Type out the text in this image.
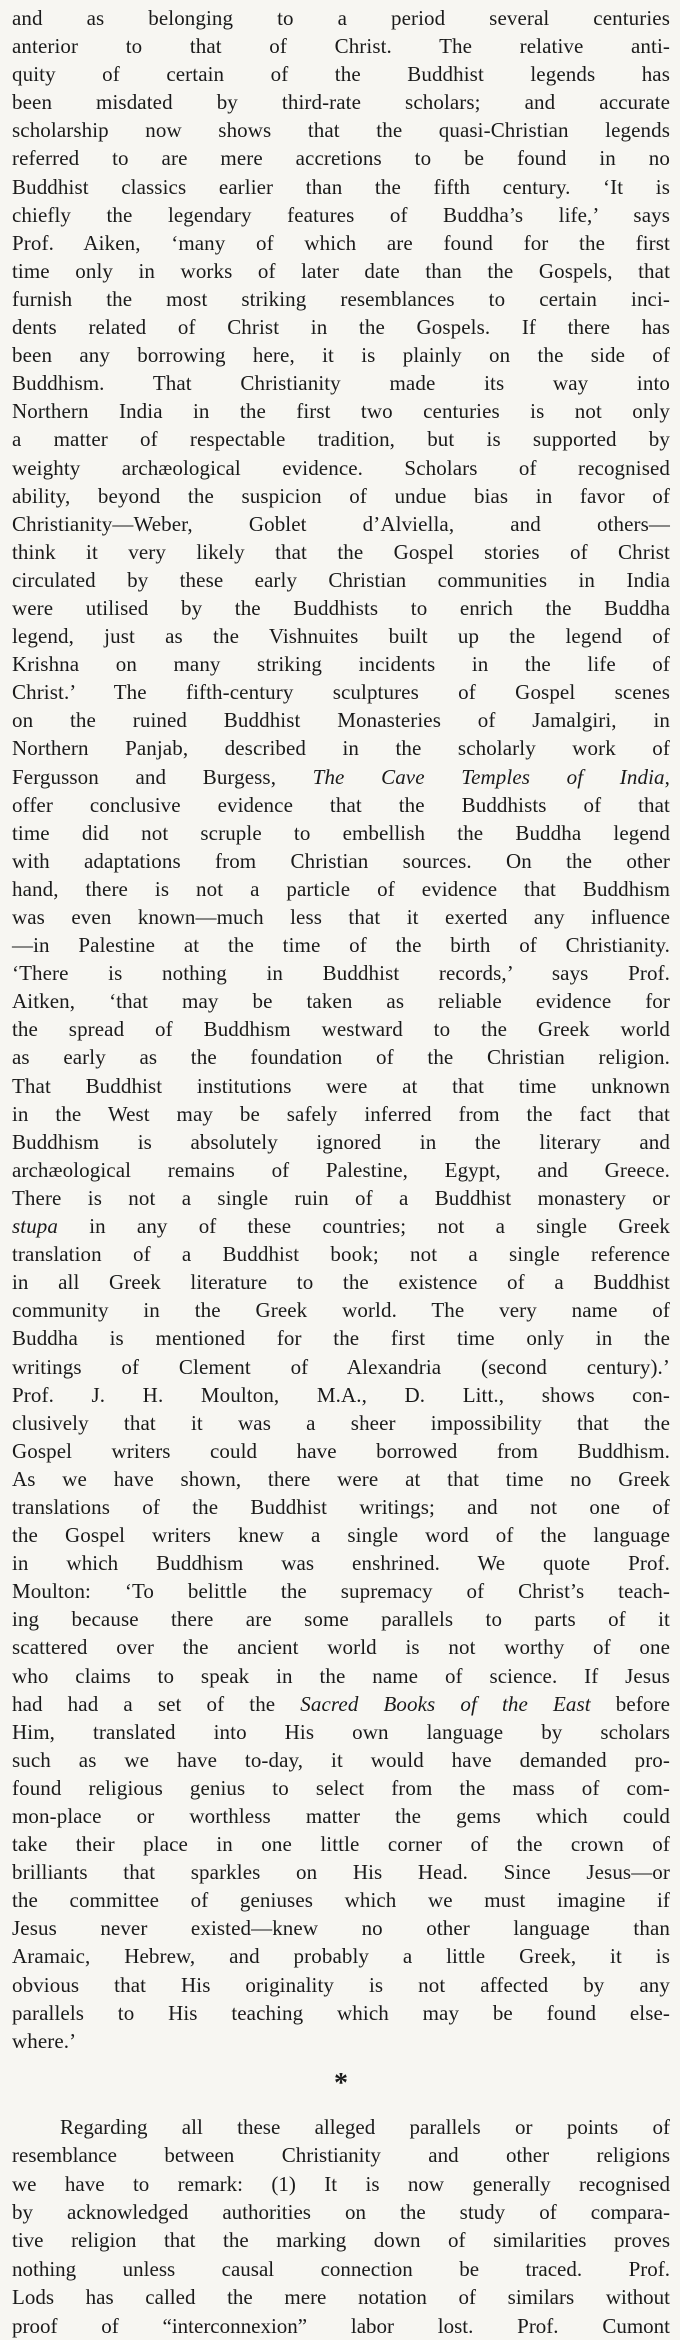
and as belonging to a period several centuries
anterior to that of Christ. The relative anti-
quity of certain of the Buddhist legends has
been misdated by third-rate scholars; and accurate
scholarship now shows that the quasi-Christian legends
referred to are mere accretions to be found in no
Buddhist classics earlier than the fifth century. ‘It is
chiefly the legendary features of Buddha’s life,’ says
Prof. Aiken, ‘many of which are found for the first
time only in works of later date than the Gospels, that
furnish the most striking resemblances to certain inci-
dents related of Christ in the Gospels. If there has
been any borrowing here, it is plainly on the side of
Buddhism. That Christianity made its way into
Northern India in the first two centuries is not only
a matter of respectable tradition, but is supported by
weighty archæological evidence. Scholars of recognised
ability, beyond the suspicion of undue bias in favor of
Christianity—Weber, Goblet d’Alviella, and others—
think it very likely that the Gospel stories of Christ
circulated by these early Christian communities in India
were utilised by the Buddhists to enrich the Buddha
legend, just as the Vishnuites built up the legend of
Krishna on many striking incidents in the life of
Christ.’ The fifth-century sculptures of Gospel scenes
on the ruined Buddhist Monasteries of Jamalgiri, in
Northern Panjab, described in the scholarly work of
Fergusson and Burgess, The Cave Temples of India,
offer conclusive evidence that the Buddhists of that
time did not scruple to embellish the Buddha legend
with adaptations from Christian sources. On the other
hand, there is not a particle of evidence that Buddhism
was even known—much less that it exerted any influence
—in Palestine at the time of the birth of Christianity.
‘There is nothing in Buddhist records,’ says Prof.
Aitken, ‘that may be taken as reliable evidence for
the spread of Buddhism westward to the Greek world
as early as the foundation of the Christian religion.
That Buddhist institutions were at that time unknown
in the West may be safely inferred from the fact that
Buddhism is absolutely ignored in the literary and
archæological remains of Palestine, Egypt, and Greece.
There is not a single ruin of a Buddhist monastery or
stupa in any of these countries; not a single Greek
translation of a Buddhist book; not a single reference
in all Greek literature to the existence of a Buddhist
community in the Greek world. The very name of
Buddha is mentioned for the first time only in the
writings of Clement of Alexandria (second century).’
Prof. J. H. Moulton, M.A., D. Litt., shows con-
clusively that it was a sheer impossibility that the
Gospel writers could have borrowed from Buddhism.
As we have shown, there were at that time no Greek
translations of the Buddhist writings; and not one of
the Gospel writers knew a single word of the language
in which Buddhism was enshrined. We quote Prof.
Moulton: ‘To belittle the supremacy of Christ’s teach-
ing because there are some parallels to parts of it
scattered over the ancient world is not worthy of one
who claims to speak in the name of science. If Jesus
had had a set of the Sacred Books of the East before
Him, translated into His own language by scholars
such as we have to-day, it would have demanded pro-
found religious genius to select from the mass of com-
mon-place or worthless matter the gems which could
take their place in one little corner of the crown of
brilliants that sparkles on His Head. Since Jesus—or
the committee of geniuses which we must imagine if
Jesus never existed—knew no other language than
Aramaic, Hebrew, and probably a little Greek, it is
obvious that His originality is not affected by any
parallels to His teaching which may be found else-
where.’

*

Regarding all these alleged parallels or points of
resemblance between Christianity and other religions
we have to remark: (1) It is now generally recognised
by acknowledged authorities on the study of compara-
tive religion that the marking down of similarities proves
nothing unless causal connection be traced. Prof.
Lods has called the mere notation of similars without
proof of “interconnexion” labor lost. Prof. Cumont
